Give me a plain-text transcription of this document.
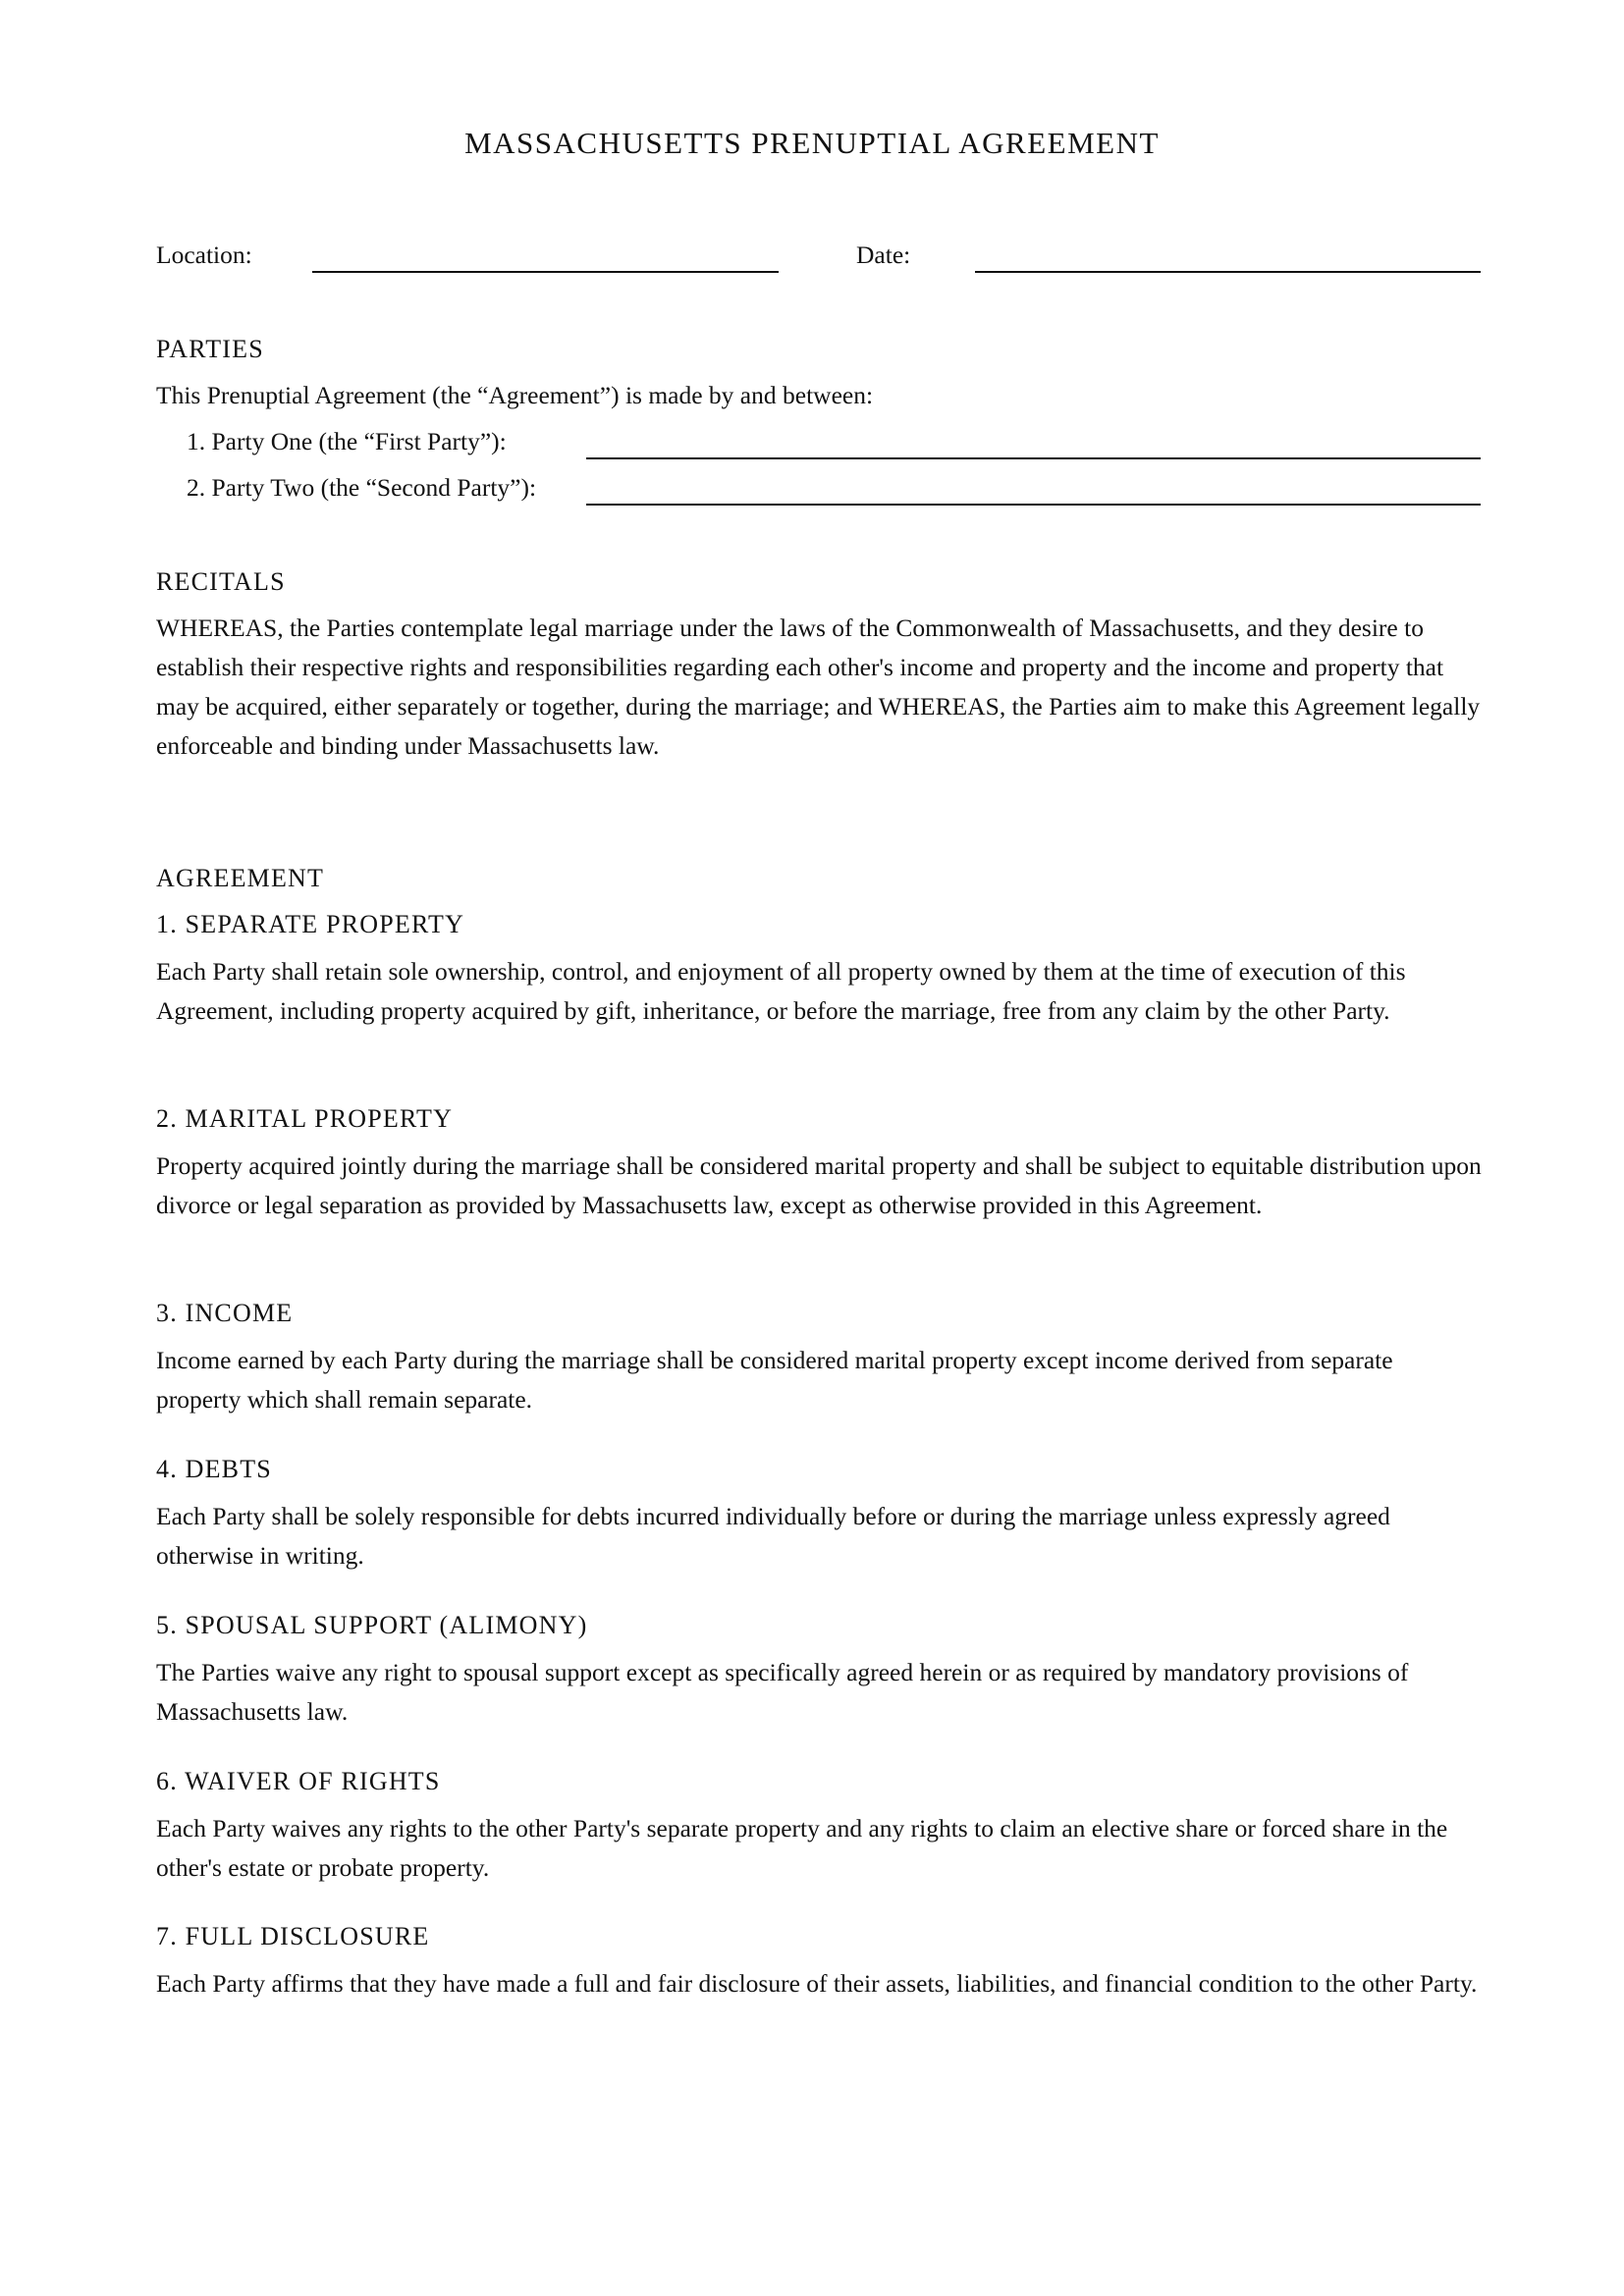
MASSACHUSETTS PRENUPTIAL AGREEMENT
Location:	Date:
PARTIES
This Prenuptial Agreement (the “Agreement”) is made by and between:
1. Party One (the “First Party”):
2. Party Two (the “Second Party”):
RECITALS
WHEREAS, the Parties contemplate legal marriage under the laws of the Commonwealth of Massachusetts, and they desire to establish their respective rights and responsibilities regarding each other's income and property and the income and property that may be acquired, either separately or together, during the marriage; and WHEREAS, the Parties aim to make this Agreement legally enforceable and binding under Massachusetts law.
AGREEMENT
1. SEPARATE PROPERTY
Each Party shall retain sole ownership, control, and enjoyment of all property owned by them at the time of execution of this Agreement, including property acquired by gift, inheritance, or before the marriage, free from any claim by the other Party.
2. MARITAL PROPERTY
Property acquired jointly during the marriage shall be considered marital property and shall be subject to equitable distribution upon divorce or legal separation as provided by Massachusetts law, except as otherwise provided in this Agreement.
3. INCOME
Income earned by each Party during the marriage shall be considered marital property except income derived from separate property which shall remain separate.
4. DEBTS
Each Party shall be solely responsible for debts incurred individually before or during the marriage unless expressly agreed otherwise in writing.
5. SPOUSAL SUPPORT (ALIMONY)
The Parties waive any right to spousal support except as specifically agreed herein or as required by mandatory provisions of Massachusetts law.
6. WAIVER OF RIGHTS
Each Party waives any rights to the other Party's separate property and any rights to claim an elective share or forced share in the other's estate or probate property.
7. FULL DISCLOSURE
Each Party affirms that they have made a full and fair disclosure of their assets, liabilities, and financial condition to the other Party.
